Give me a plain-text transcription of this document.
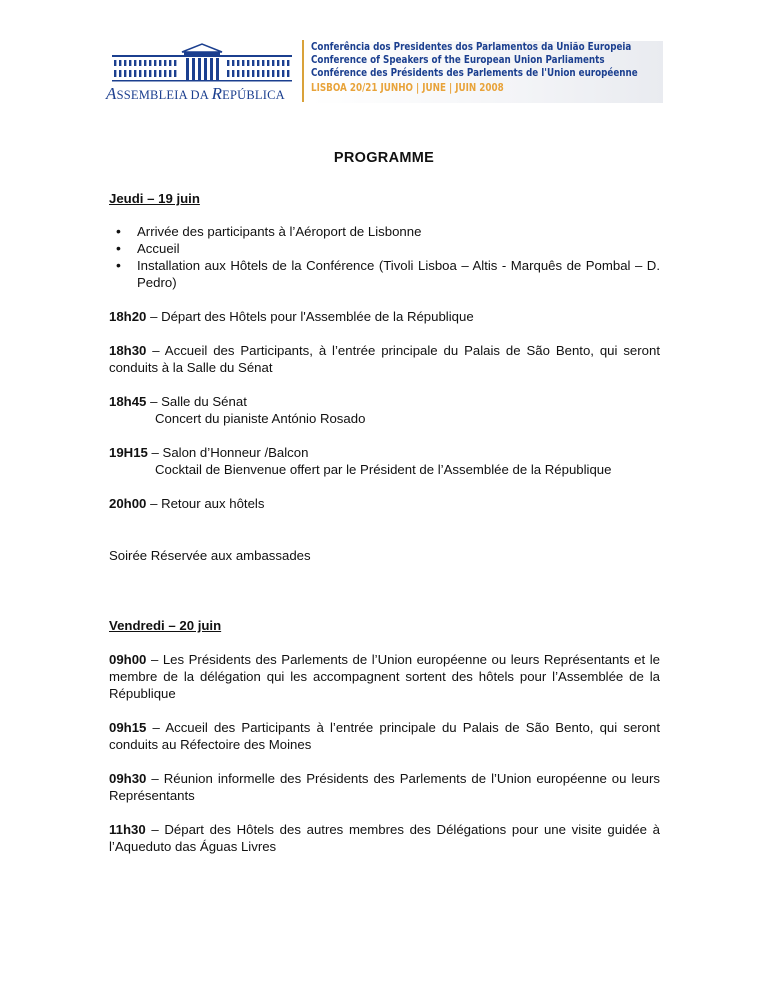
ASSEMBLEIA DA REPÚBLICA
Conferência dos Presidentes dos Parlamentos da União Europeia
Conference of Speakers of the European Union Parliaments
Conférence des Présidents des Parlements de l'Union européenne
LISBOA 20/21 JUNHO | JUNE | JUIN 2008
PROGRAMME

Jeudi – 19 juin

• Arrivée des participants à l’Aéroport de Lisbonne
• Accueil
• Installation aux Hôtels de la Conférence (Tivoli Lisboa – Altis - Marquês de Pombal – D. Pedro)

18h20 – Départ des Hôtels pour l'Assemblée de la République

18h30 – Accueil des Participants, à l’entrée principale du Palais de São Bento, qui seront conduits à la Salle du Sénat

18h45 – Salle du Sénat
Concert du pianiste António Rosado

19H15 – Salon d’Honneur /Balcon
Cocktail de Bienvenue offert par le Président de l’Assemblée de la République

20h00 – Retour aux hôtels

Soirée Réservée aux ambassades

Vendredi – 20 juin

09h00 – Les Présidents des Parlements de l’Union européenne ou leurs Représentants et le membre de la délégation qui les accompagnent sortent des hôtels pour l’Assemblée de la République

09h15 – Accueil des Participants à l’entrée principale du Palais de São Bento, qui seront conduits au Réfectoire des Moines

09h30 – Réunion informelle des Présidents des Parlements de l’Union européenne ou leurs Représentants

11h30 – Départ des Hôtels des autres membres des Délégations pour une visite guidée à l’Aqueduto das Águas Livres
